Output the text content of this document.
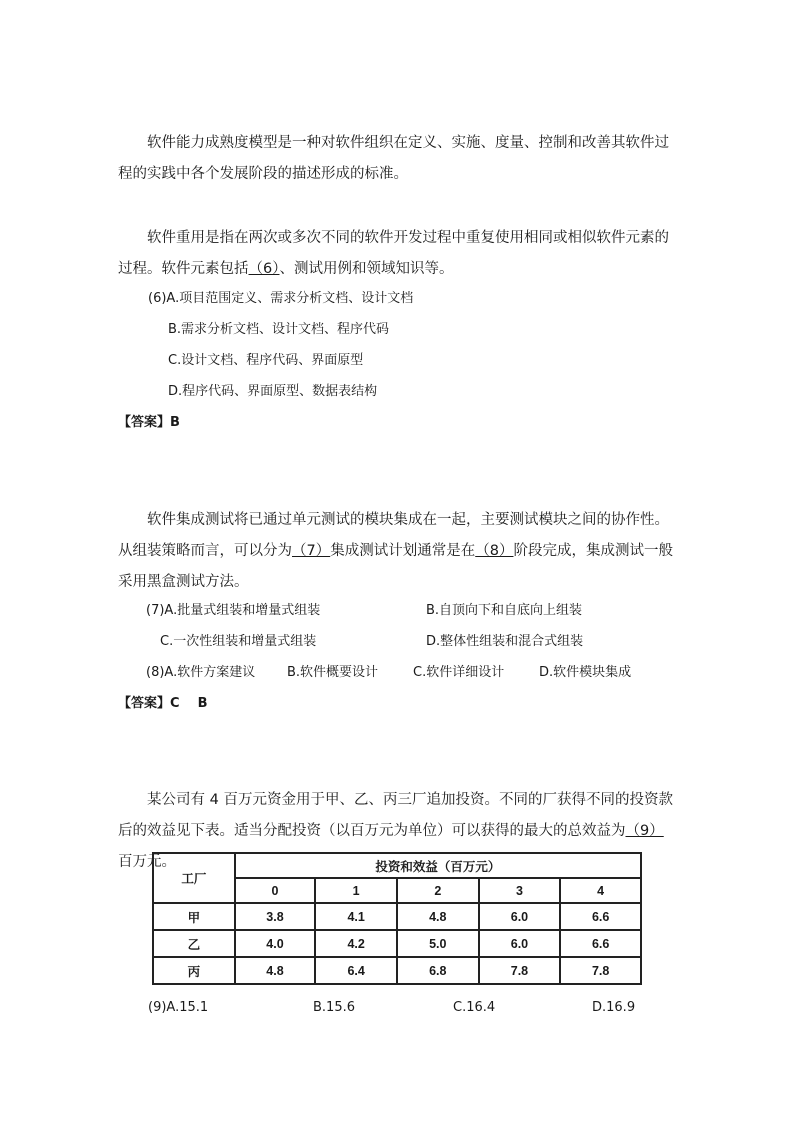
软件能力成熟度模型是一种对软件组织在定义、实施、度量、控制和改善其软件过程的实践中各个发展阶段的描述形成的标准。
软件重用是指在两次或多次不同的软件开发过程中重复使用相同或相似软件元素的过程。软件元素包括（6）、测试用例和领域知识等。
(6)A.项目范围定义、需求分析文档、设计文档
B.需求分析文档、设计文档、程序代码
C.设计文档、程序代码、界面原型
D.程序代码、界面原型、数据表结构
【答案】B
软件集成测试将已通过单元测试的模块集成在一起，主要测试模块之间的协作性。从组装策略而言，可以分为（7）集成测试计划通常是在（8）阶段完成，集成测试一般采用黑盒测试方法。
(7)A.批量式组装和增量式组装	B.自顶向下和自底向上组装
C.一次性组装和增量式组装	D.整体性组装和混合式组装
(8)A.软件方案建议 B.软件概要设计	C.软件详细设计	D.软件模块集成
【答案】C    B
某公司有 4 百万元资金用于甲、乙、丙三厂追加投资。不同的厂获得不同的投资款后的效益见下表。适当分配投资（以百万元为单位）可以获得的最大的总效益为（9）百万元。
工厂	投资和效益（百万元）				
	0	1	2	3	4
甲	3.8	4.1	4.8	6.0	6.6
乙	4.0	4.2	5.0	6.0	6.6
丙	4.8	6.4	6.8	7.8	7.8
(9)A.15.1	B.15.6	C.16.4	D.16.9
